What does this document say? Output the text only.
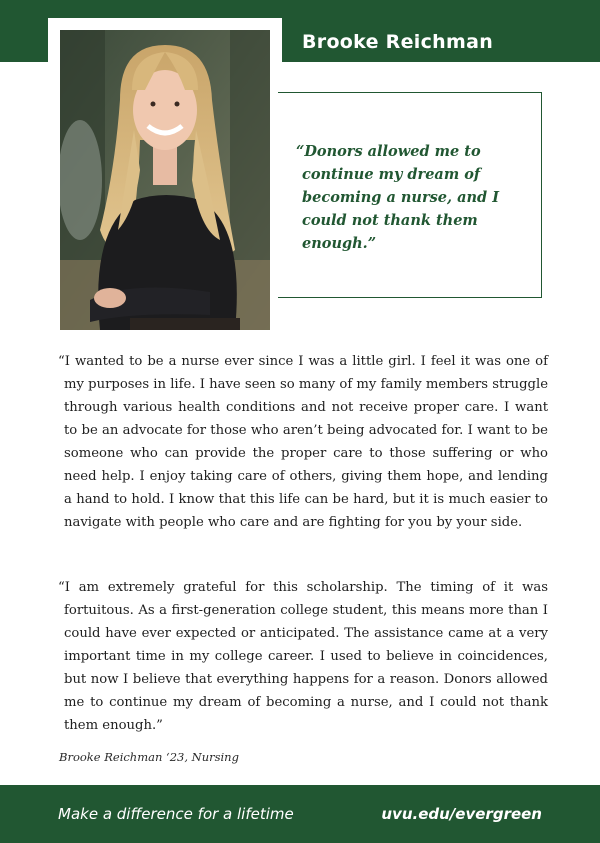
Brooke Reichman
“Donors allowed me to continue my dream of becoming a nurse, and I could not thank them enough.”

“I wanted to be a nurse ever since I was a little girl. I feel it was one of my purposes in life. I have seen so many of my family members struggle through various health conditions and not receive proper care. I want to be an advocate for those who aren’t being advocated for. I want to be someone who can provide the proper care to those suffering or who need help. I enjoy taking care of others, giving them hope, and lending a hand to hold. I know that this life can be hard, but it is much easier to navigate with people who care and are fighting for you by your side.

“I am extremely grateful for this scholarship. The timing of it was fortuitous. As a first-generation college student, this means more than I could have ever expected or anticipated. The assistance came at a very important time in my college career. I used to believe in coincidences, but now I believe that everything happens for a reason. Donors allowed me to continue my dream of becoming a nurse, and I could not thank them enough.”

Brooke Reichman ‘23, Nursing
Make a difference for a lifetime	uvu.edu/evergreen
